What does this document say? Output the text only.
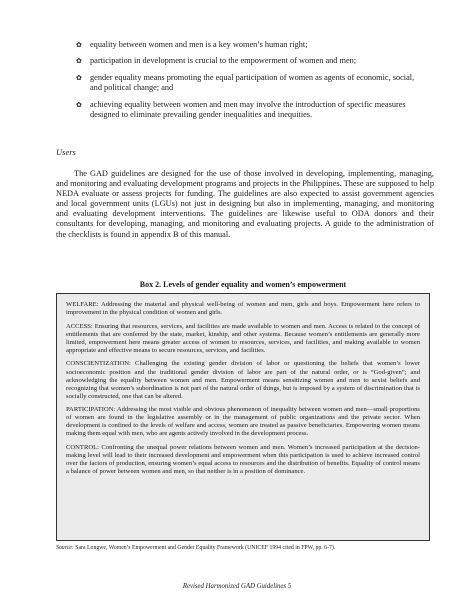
✿ equality between women and men is a key women’s human right;
✿ participation in development is crucial to the empowerment of women and men;
✿ gender equality means promoting the equal participation of women as agents of economic, social, and political change; and
✿ achieving equality between women and men may involve the introduction of specific measures designed to eliminate prevailing gender inequalities and inequities.
Users

The GAD guidelines are designed for the use of those involved in developing, implementing, managing, and monitoring and evaluating development programs and projects in the Philippines. These are supposed to help NEDA evaluate or assess projects for funding. The guidelines are also expected to assist government agencies and local government units (LGUs) not just in designing but also in implementing, managing, and monitoring and evaluating development interventions. The guidelines are likewise useful to ODA donors and their consultants for developing, managing, and monitoring and evaluating projects. A guide to the administration of the checklists is found in appendix B of this manual.

Box 2. Levels of gender equality and women’s empowerment

WELFARE: Addressing the material and physical well-being of women and men, girls and boys. Empowerment here refers to improvement in the physical condition of women and girls.

ACCESS: Ensuring that resources, services, and facilities are made available to women and men. Access is related to the concept of entitlements that are conferred by the state, market, kinship, and other systems. Because women’s entitlements are generally more limited, empowerment here means greater access of women to resources, services, and facilities, and making available to women appropriate and effective means to secure resources, services, and facilities.

CONSCIENTIZATION: Challenging the existing gender division of labor or questioning the beliefs that women’s lower socioeconomic position and the traditional gender division of labor are part of the natural order, or is “God-given”; and acknowledging the equality between women and men. Empowerment means sensitizing women and men to sexist beliefs and recognizing that women’s subordination is not part of the natural order of things, but is imposed by a system of discrimination that is socially constructed, one that can be altered.

PARTICIPATION: Addressing the most visible and obvious phenomenon of inequality between women and men—small proportions of women are found in the legislative assembly or in the management of public organizations and the private sector. When development is confined to the levels of welfare and access, women are treated as passive beneficiaries. Empowering women means making them equal with men, who are agents actively involved in the development process.

CONTROL: Confronting the unequal power relations between women and men. Women’s increased participation at the decision-making level will lead to their increased development and empowerment when this participation is used to achieve increased control over the factors of production, ensuring women’s equal access to resources and the distribution of benefits. Equality of control means a balance of power between women and men, so that neither is in a position of dominance.

Source: Sara Longwe, Women’s Empowerment and Gender Equality Framework (UNICEF 1994 cited in FPW, pp. 6-7).
Revised Harmonized GAD Guidelines 5
